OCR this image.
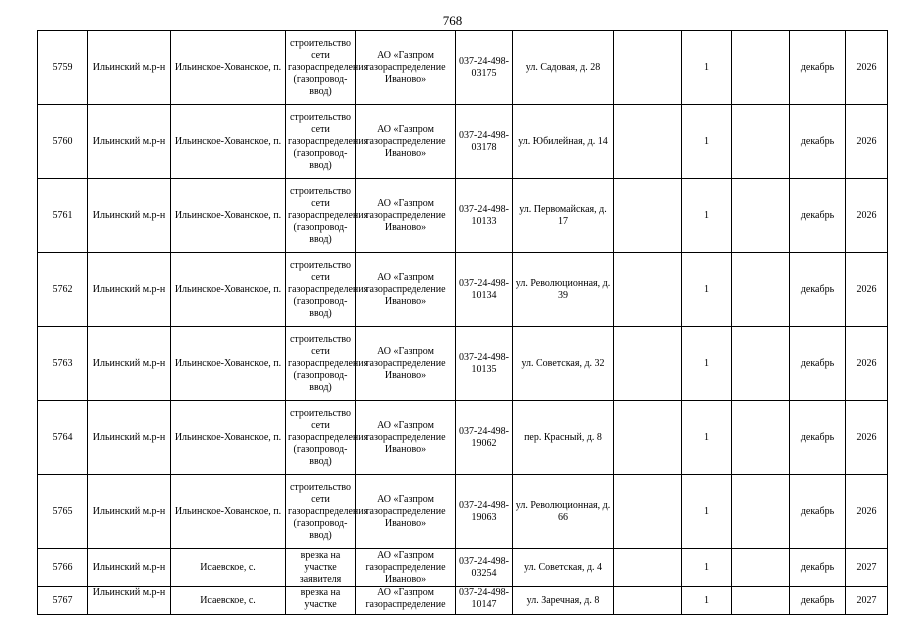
768
5759	Ильинский м.р-н	Ильинское-Хованское, п.	строительство сети газораспределения (газопровод-ввод)	АО «Газпром газораспределение Иваново»	037-24-498-03175	ул. Садовая, д. 28		1		декабрь	2026
5760	Ильинский м.р-н	Ильинское-Хованское, п.	строительство сети газораспределения (газопровод-ввод)	АО «Газпром газораспределение Иваново»	037-24-498-03178	ул. Юбилейная, д. 14		1		декабрь	2026
5761	Ильинский м.р-н	Ильинское-Хованское, п.	строительство сети газораспределения (газопровод-ввод)	АО «Газпром газораспределение Иваново»	037-24-498-10133	ул. Первомайская, д. 17		1		декабрь	2026
5762	Ильинский м.р-н	Ильинское-Хованское, п.	строительство сети газораспределения (газопровод-ввод)	АО «Газпром газораспределение Иваново»	037-24-498-10134	ул. Революционная, д. 39		1		декабрь	2026
5763	Ильинский м.р-н	Ильинское-Хованское, п.	строительство сети газораспределения (газопровод-ввод)	АО «Газпром газораспределение Иваново»	037-24-498-10135	ул. Советская, д. 32		1		декабрь	2026
5764	Ильинский м.р-н	Ильинское-Хованское, п.	строительство сети газораспределения (газопровод-ввод)	АО «Газпром газораспределение Иваново»	037-24-498-19062	пер. Красный, д. 8		1		декабрь	2026
5765	Ильинский м.р-н	Ильинское-Хованское, п.	строительство сети газораспределения (газопровод-ввод)	АО «Газпром газораспределение Иваново»	037-24-498-19063	ул. Революционная, д. 66		1		декабрь	2026
5766	Ильинский м.р-н	Исаевское, с.	врезка на участке заявителя	АО «Газпром газораспределение Иваново»	037-24-498-03254	ул. Советская, д. 4		1		декабрь	2027
5767	Ильинский м.р-н	Исаевское, с.	врезка на участке	АО «Газпром газораспределение	037-24-498-10147	ул. Заречная, д. 8		1		декабрь	2027
